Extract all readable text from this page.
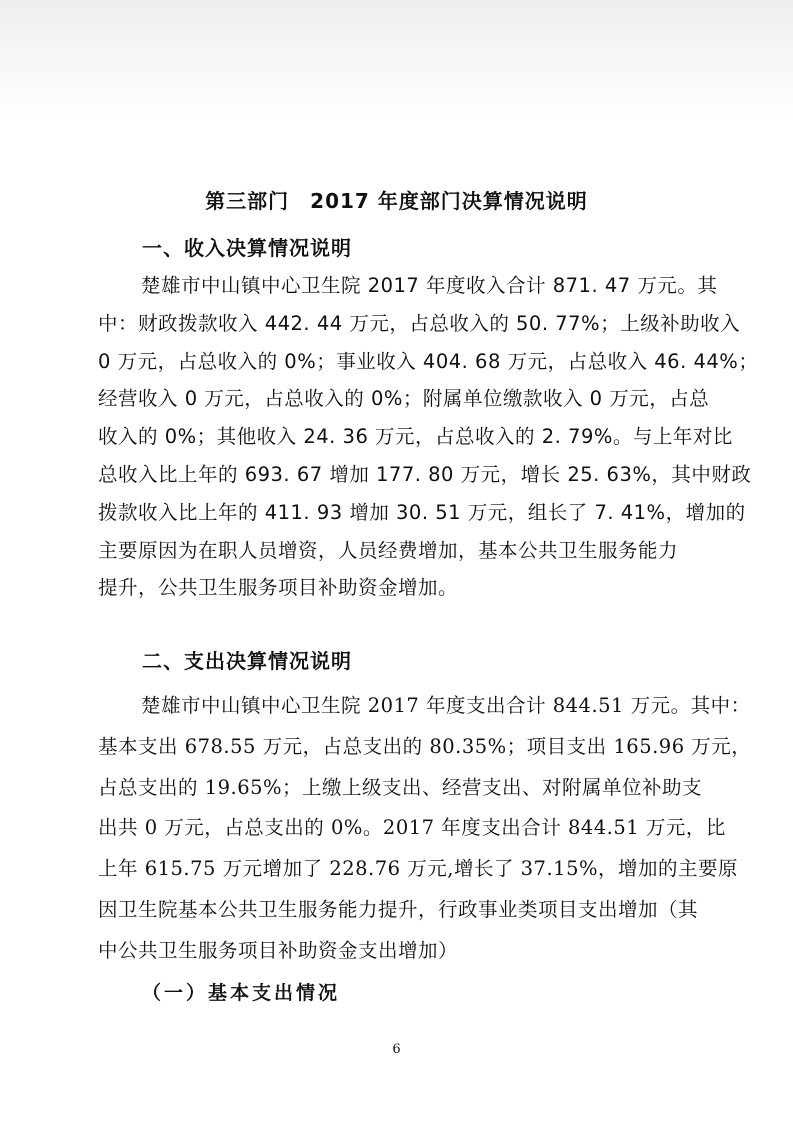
第三部门　2017 年度部门决算情况说明
一、收入决算情况说明
楚雄市中山镇中心卫生院 2017 年度收入合计 871. 47 万元。其
中：财政拨款收入 442. 44 万元，占总收入的 50. 77%；上级补助收入
0 万元，占总收入的 0%；事业收入 404. 68 万元，占总收入 46. 44%；
经营收入 0 万元，占总收入的 0%；附属单位缴款收入 0 万元，占总
收入的 0%；其他收入 24. 36 万元，占总收入的 2. 79%。与上年对比
总收入比上年的 693. 67 增加 177. 80 万元，增长 25. 63%，其中财政
拨款收入比上年的 411. 93 增加 30. 51 万元，组长了 7. 41%，增加的
主要原因为在职人员增资，人员经费增加，基本公共卫生服务能力
提升，公共卫生服务项目补助资金增加。
二、支出决算情况说明
楚雄市中山镇中心卫生院 2017 年度支出合计 844.51 万元。其中：
基本支出 678.55 万元，占总支出的 80.35%；项目支出 165.96 万元，
占总支出的 19.65%；上缴上级支出、经营支出、对附属单位补助支
出共 0 万元，占总支出的 0%。2017 年度支出合计 844.51 万元，比
上年 615.75 万元增加了 228.76 万元,增长了 37.15%，增加的主要原
因卫生院基本公共卫生服务能力提升，行政事业类项目支出增加（其
中公共卫生服务项目补助资金支出增加）
（一）基本支出情况
6
